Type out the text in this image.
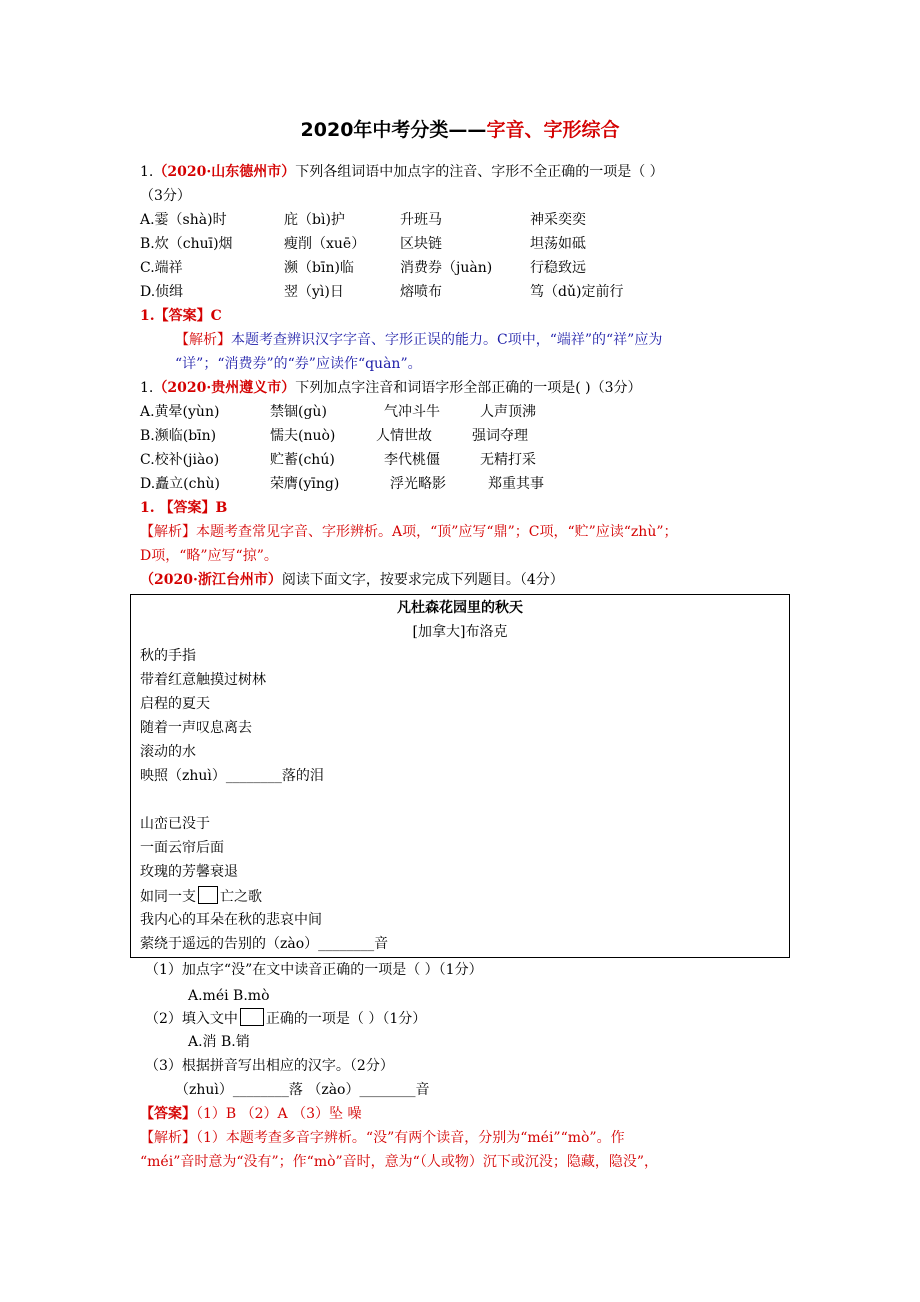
2020年中考分类——字音、字形综合
1.（2020·山东德州市）下列各组词语中加点字的注音、字形不全正确的一项是（ ）
（3分）
A.霎（shà)时	庇（bì)护	升班马	神采奕奕
B.炊（chuī)烟	瘦削（xuē） 区块链	坦荡如砥
C.端祥	濒（bīn)临	消费券（juàn)	行稳致远
D.侦缉	翌（yì)日	熔喷布	笃（dǔ)定前行
1.【答案】C
【解析】本题考查辨识汉字字音、字形正误的能力。C项中，“端祥”的“祥”应为
“详”；“消费券”的“券”应读作“quàn”。
1.（2020·贵州遵义市）下列加点字注音和词语字形全部正确的一项是( )（3分）
A.黄晕(yùn)	禁锢(gù)	气冲斗牛	人声顶沸
B.濒临(bīn)	懦夫(nuò)	人情世故	强词夺理
C.校补(jiào)	贮蓄(chú)	李代桃僵	无精打采
D.矗立(chù)	荣膺(yīng)	浮光略影	郑重其事
1. 【答案】B
【解析】本题考查常见字音、字形辨析。A项，“顶”应写“鼎”；C项，“贮”应读“zhù”；
D项，“略”应写“掠”。
（2020·浙江台州市）阅读下面文字，按要求完成下列题目。（4分）
凡杜森花园里的秋天
[加拿大]布洛克
秋的手指
带着红意触摸过树林
启程的夏天
随着一声叹息离去
滚动的水
映照（zhuì）________落的泪
山峦已没于
一面云帘后面
玫瑰的芳馨衰退
如同一支 亡之歌
我内心的耳朵在秋的悲哀中间
萦绕于遥远的告别的（zào）________音
（1）加点字“没”在文中读音正确的一项是（ ）（1分）
A.méi B.mò
（2）填入文中 正确的一项是（ ）（1分）
A.消 B.销
（3）根据拼音写出相应的汉字。（2分）
（zhuì）________落 （zào）________音
【答案】（1）B （2）A （3）坠 噪
【解析】（1）本题考查多音字辨析。“没”有两个读音，分别为“méi”“mò”。作
“méi”音时意为“没有”；作“mò”音时，意为“（人或物）沉下或沉没；隐藏，隐没”，
